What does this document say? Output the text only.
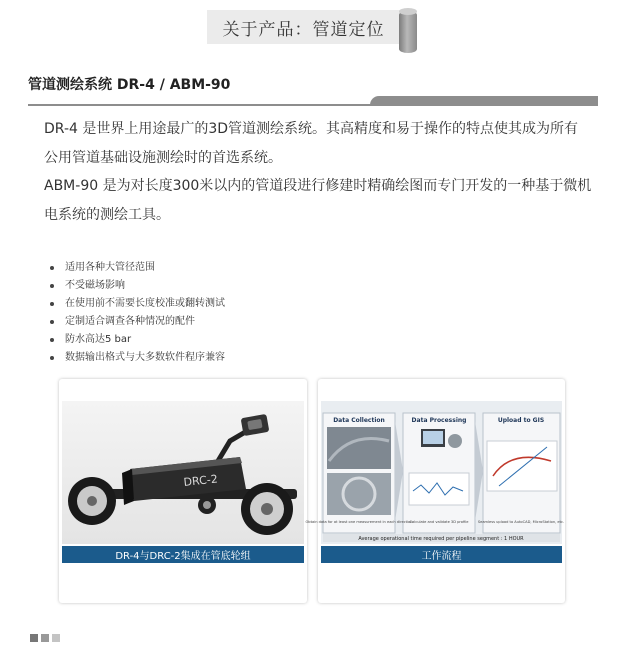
关于产品：管道定位
管道测绘系统 DR-4 / ABM-90

DR-4 是世界上用途最广的3D管道测绘系统。其高精度和易于操作的特点使其成为所有公用管道基础设施测绘时的首选系统。

ABM-90 是为对长度300米以内的管道段进行修建时精确绘图而专门开发的一种基于微机电系统的测绘工具。

适用各种大管径范围
不受磁场影响
在使用前不需要长度校准或翻转测试
定制适合调查各种情况的配件
防水高达5 bar
数据输出格式与大多数软件程序兼容
DRC-2
DR-4与DRC-2集成在管底轮组
Data Collection	Data Processing	Upload to GIS
Obtain data for at least one measurement in each direction
Calculate and validate 3D profile	Seamless upload to AutoCAD, MicroStation, etc.
Average operational time required per pipeline segment : 1 HOUR
工作流程
